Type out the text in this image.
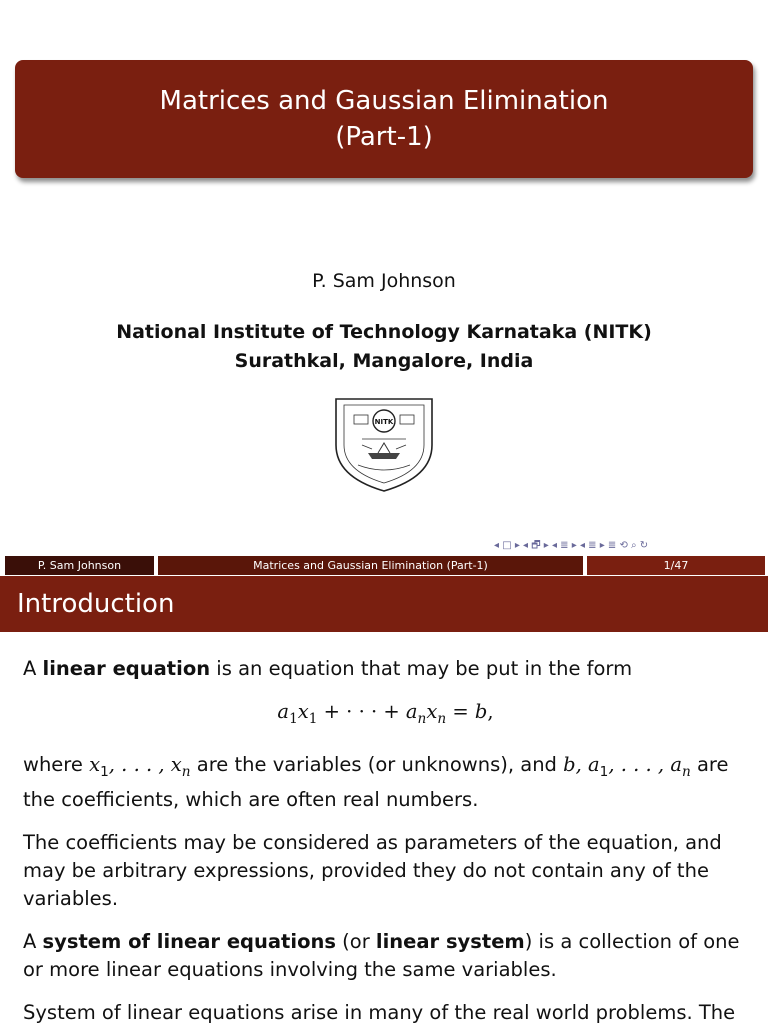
Matrices and Gaussian Elimination
(Part-1)
P. Sam Johnson
National Institute of Technology Karnataka (NITK)
Surathkal, Mangalore, India
NITK
◂ □ ▸ ◂ 🗗 ▸ ◂ ≣ ▸ ◂ ≣ ▸ ≣ ⟲ ⌕ ↻
P. Sam Johnson	Matrices and Gaussian Elimination (Part-1)	1/47
Introduction

A linear equation is an equation that may be put in the form

$a_1x_1$ + · · · + $a_nx_n = b$,

where $x_1$, . . . , $x_n$ are the variables (or unknowns), and b, $a_1$, . . . , $a_n$ are the coefficients, which are often real numbers.

The coefficients may be considered as parameters of the equation, and may be arbitrary expressions, provided they do not contain any of the variables.

A system of linear equations (or linear system) is a collection of one or more linear equations involving the same variables.

System of linear equations arise in many of the real world problems. The
